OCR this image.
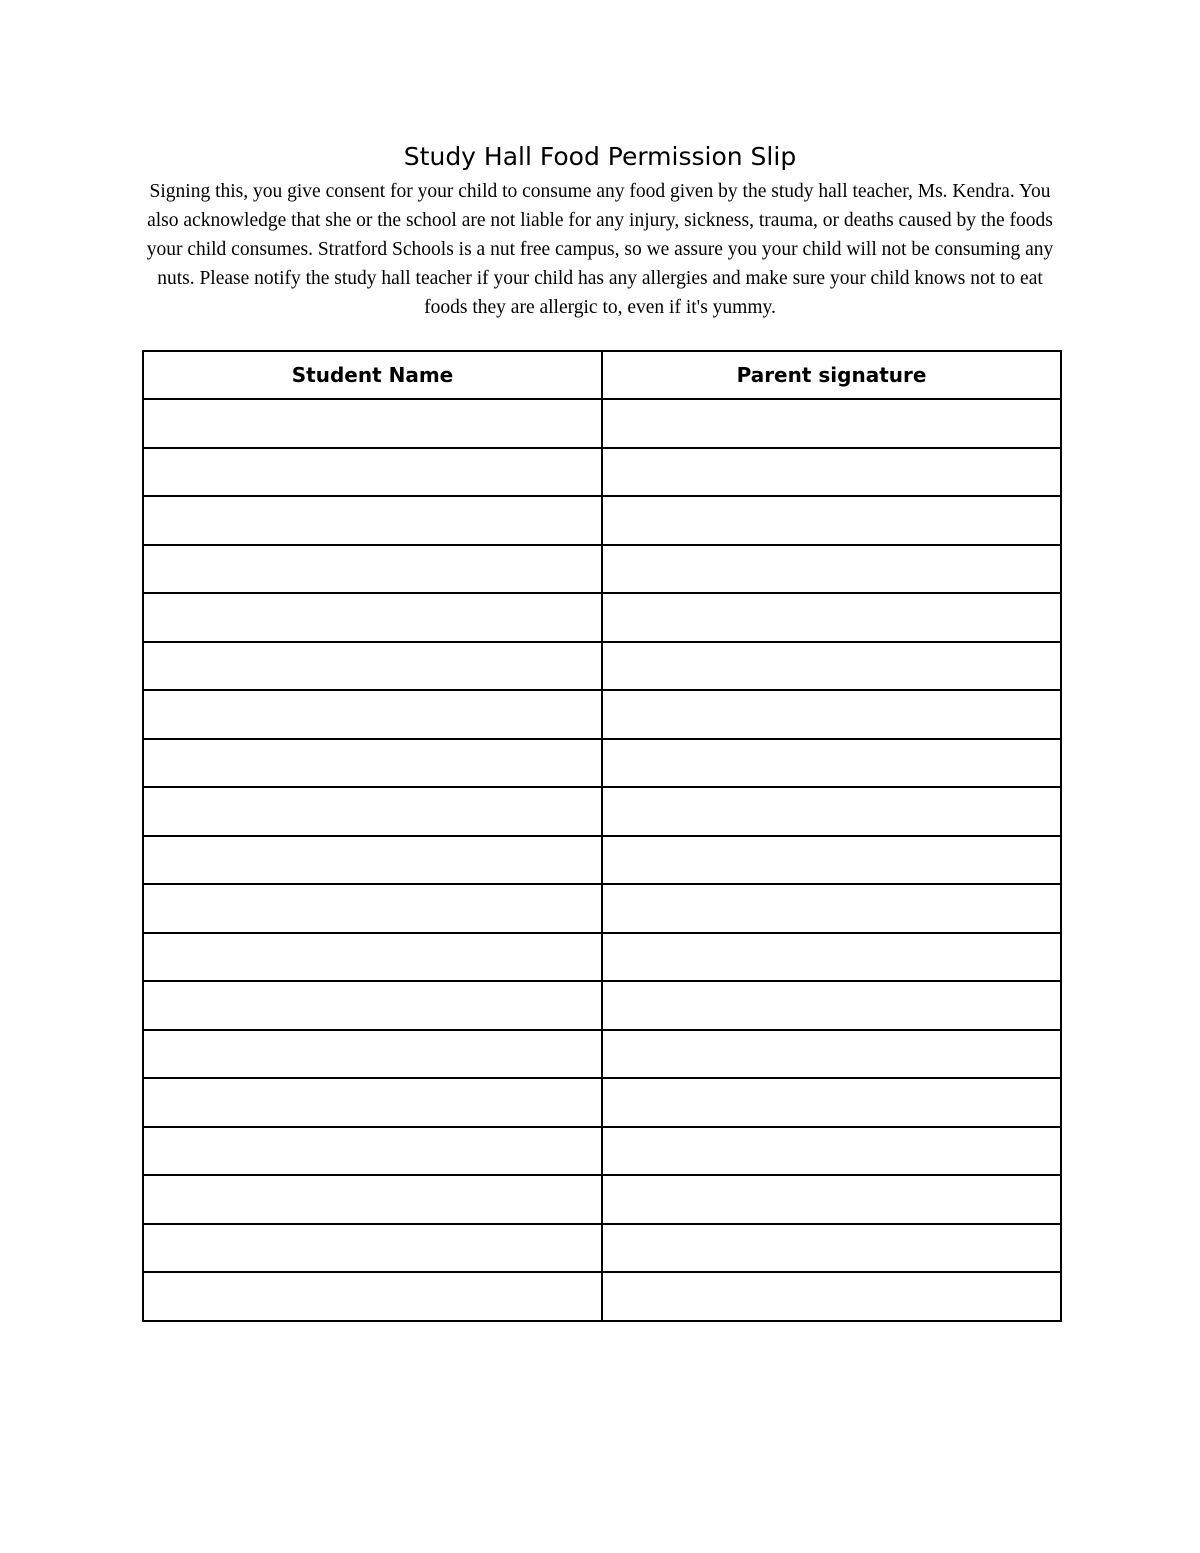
Study Hall Food Permission Slip

Signing this, you give consent for your child to consume any food given by the study hall teacher, Ms. Kendra. You also acknowledge that she or the school are not liable for any injury, sickness, trauma, or deaths caused by the foods your child consumes. Stratford Schools is a nut free campus, so we assure you your child will not be consuming any nuts. Please notify the study hall teacher if your child has any allergies and make sure your child knows not to eat foods they are allergic to, even if it's yummy.

Student Name	Parent signature
